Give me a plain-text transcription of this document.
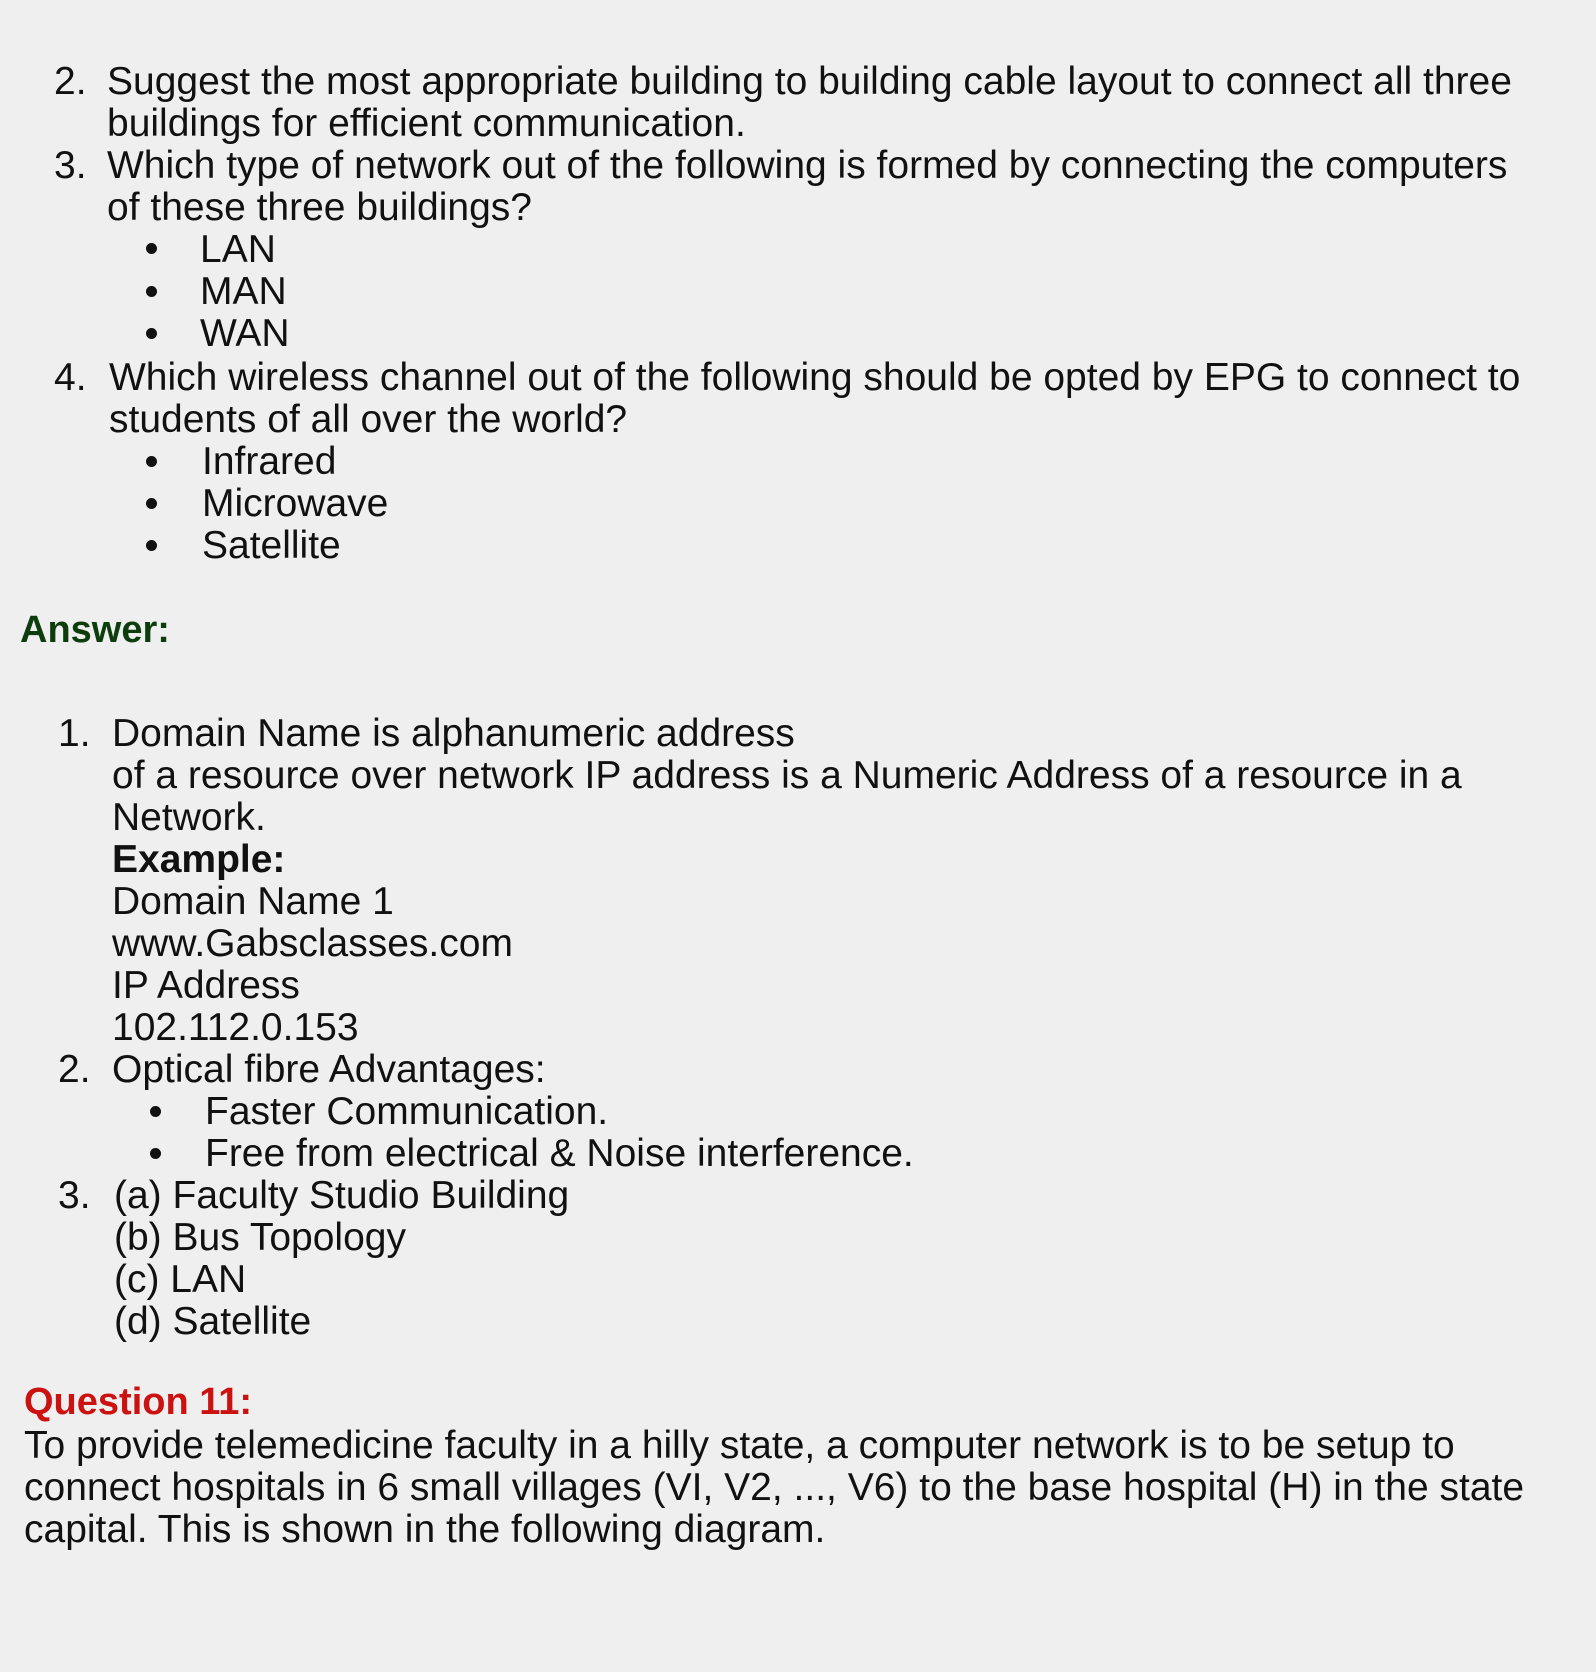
2. Suggest the most appropriate building to building cable layout to connect all three
buildings for efficient communication.
3. Which type of network out of the following is formed by connecting the computers
of these three buildings?
LAN
MAN
WAN
4. Which wireless channel out of the following should be opted by EPG to connect to
students of all over the world?
Infrared
Microwave
Satellite
Answer:
1. Domain Name is alphanumeric address
of a resource over network IP address is a Numeric Address of a resource in a
Network.
Example:
Domain Name 1
www.Gabsclasses.com
IP Address
102.112.0.153
2. Optical fibre Advantages:
Faster Communication.
Free from electrical & Noise interference.
3. (a) Faculty Studio Building
(b) Bus Topology
(c) LAN
(d) Satellite
Question 11:
To provide telemedicine faculty in a hilly state, a computer network is to be setup to
connect hospitals in 6 small villages (VI, V2, ..., V6) to the base hospital (H) in the state
capital. This is shown in the following diagram.
